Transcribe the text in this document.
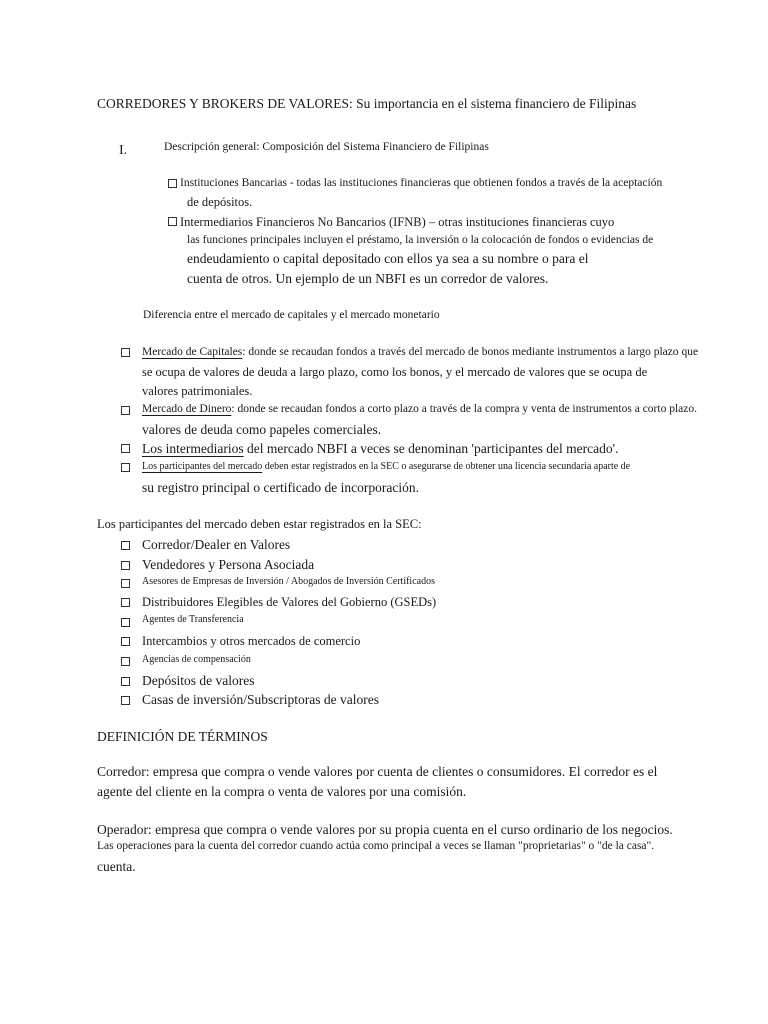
CORREDORES Y BROKERS DE VALORES: Su importancia en el sistema financiero de Filipinas
I.	Descripción general: Composición del Sistema Financiero de Filipinas
Instituciones Bancarias - todas las instituciones financieras que obtienen fondos a través de la aceptación
de depósitos.
Intermediarios Financieros No Bancarios (IFNB) – otras instituciones financieras cuyo
las funciones principales incluyen el préstamo, la inversión o la colocación de fondos o evidencias de
endeudamiento o capital depositado con ellos ya sea a su nombre o para el
cuenta de otros. Un ejemplo de un NBFI es un corredor de valores.
Diferencia entre el mercado de capitales y el mercado monetario
Mercado de Capitales: donde se recaudan fondos a través del mercado de bonos mediante instrumentos a largo plazo que
se ocupa de valores de deuda a largo plazo, como los bonos, y el mercado de valores que se ocupa de
valores patrimoniales.
Mercado de Dinero: donde se recaudan fondos a corto plazo a través de la compra y venta de instrumentos a corto plazo.
valores de deuda como papeles comerciales.
Los intermediarios del mercado NBFI a veces se denominan 'participantes del mercado'.
Los participantes del mercado deben estar registrados en la SEC o asegurarse de obtener una licencia secundaria aparte de
su registro principal o certificado de incorporación.
Los participantes del mercado deben estar registrados en la SEC:
Corredor/Dealer en Valores
Vendedores y Persona Asociada
Asesores de Empresas de Inversión / Abogados de Inversión Certificados
Distribuidores Elegibles de Valores del Gobierno (GSEDs)
Agentes de Transferencia
Intercambios y otros mercados de comercio
Agencias de compensación
Depósitos de valores
Casas de inversión/Subscriptoras de valores
DEFINICIÓN DE TÉRMINOS
Corredor: empresa que compra o vende valores por cuenta de clientes o consumidores. El corredor es el
agente del cliente en la compra o venta de valores por una comisión.
Operador: empresa que compra o vende valores por su propia cuenta en el curso ordinario de los negocios.
Las operaciones para la cuenta del corredor cuando actúa como principal a veces se llaman "proprietarias" o "de la casa".
cuenta.
